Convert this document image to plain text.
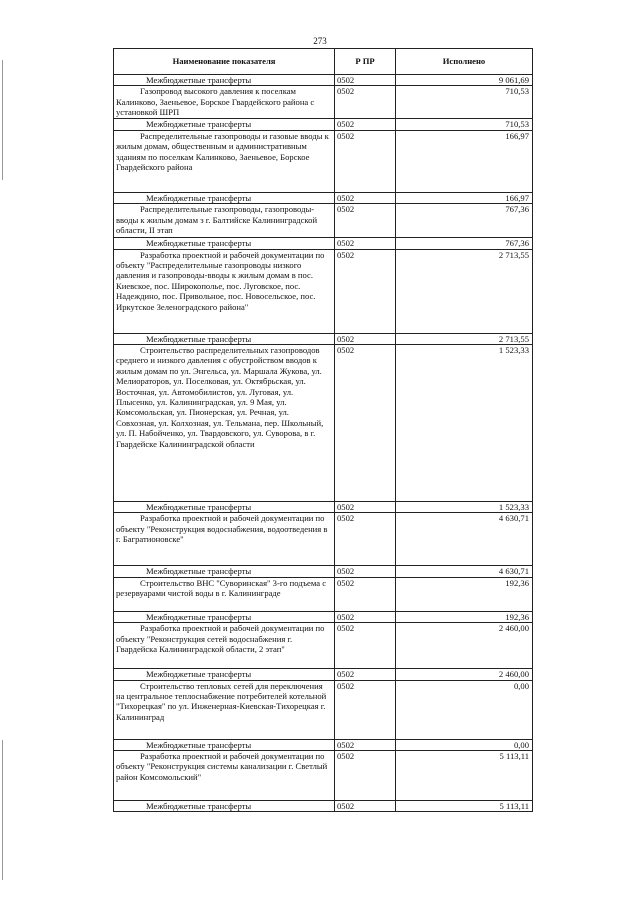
273
Наименование показателя	Р ПР	Исполнено
Межбюджетные трансферты	0502	9 061,69
Газопровод высокого давления к поселкам Калинково, Заеньевое, Борское Гвардейского района с установкой ШРП	0502	710,53
Межбюджетные трансферты	0502	710,53
Распределительные газопроводы и газовые вводы к жилым домам, общественным и административным зданиям по поселкам Калинково, Заеньевое, Борское Гвардейского района	0502	166,97
Межбюджетные трансферты	0502	166,97
Распределительные газопроводы, газопроводы-вводы к жилым домам з г. Балтийске Калининградской области, II этап	0502	767,36
Межбюджетные трансферты	0502	767,36
Разработка проектной и рабочей документации по объекту "Распределительные газопроводы низкого давления и газопроводы-вводы к жилым домам в пос. Киевское, пос. Широкополье, пос. Луговское, пос. Надеждино, пос. Привольное, пос. Новосельское, пос. Иркутское Зеленоградского района"	0502	2 713,55
Межбюджетные трансферты	0502	2 713,55
Строительство распределительных газопроводов среднего и низкого давления с обустройством вводов к жилым домам по ул. Энгельса, ул. Маршала Жукова, ул. Мелиораторов, ул. Поселковая, ул. Октябрьская, ул. Восточная, ул. Автомобилистов, ул. Луговая, ул. Плысенко, ул. Калининградская, ул. 9 Мая, ул. Комсомольская, ул. Пионерская, ул. Речная, ул. Совхозная, ул. Колхозная, ул. Тельмана, пер. Школьный, ул. П. Набойченко, ул. Твардовского, ул. Суворова, в г. Гвардейске Калининградской области	0502	1 523,33
Межбюджетные трансферты	0502	1 523,33
Разработка проектной и рабочей документации по объекту "Реконструкция водоснабжения, водоотведения в г. Багратионовске"	0502	4 630,71
Межбюджетные трансферты	0502	4 630,71
Строительство ВНС "Суворинская" 3-го подъема с резервуарами чистой воды в г. Калининграде	0502	192,36
Межбюджетные трансферты	0502	192,36
Разработка проектной и рабочей документации по объекту "Реконструкция сетей водоснабжения г. Гвардейска Калининградской области, 2 этап"	0502	2 460,00
Межбюджетные трансферты	0502	2 460,00
Строительство тепловых сетей для переключения на центральное теплоснабжение потребителей котельной "Тихорецкая" по ул. Инженерная-Киевская-Тихорецкая г. Калининград	0502	0,00
Межбюджетные трансферты	0502	0,00
Разработка проектной и рабочей документации по объекту "Реконструкция системы канализации г. Светлый район Комсомольский"	0502	5 113,11
Межбюджетные трансферты	0502	5 113,11
